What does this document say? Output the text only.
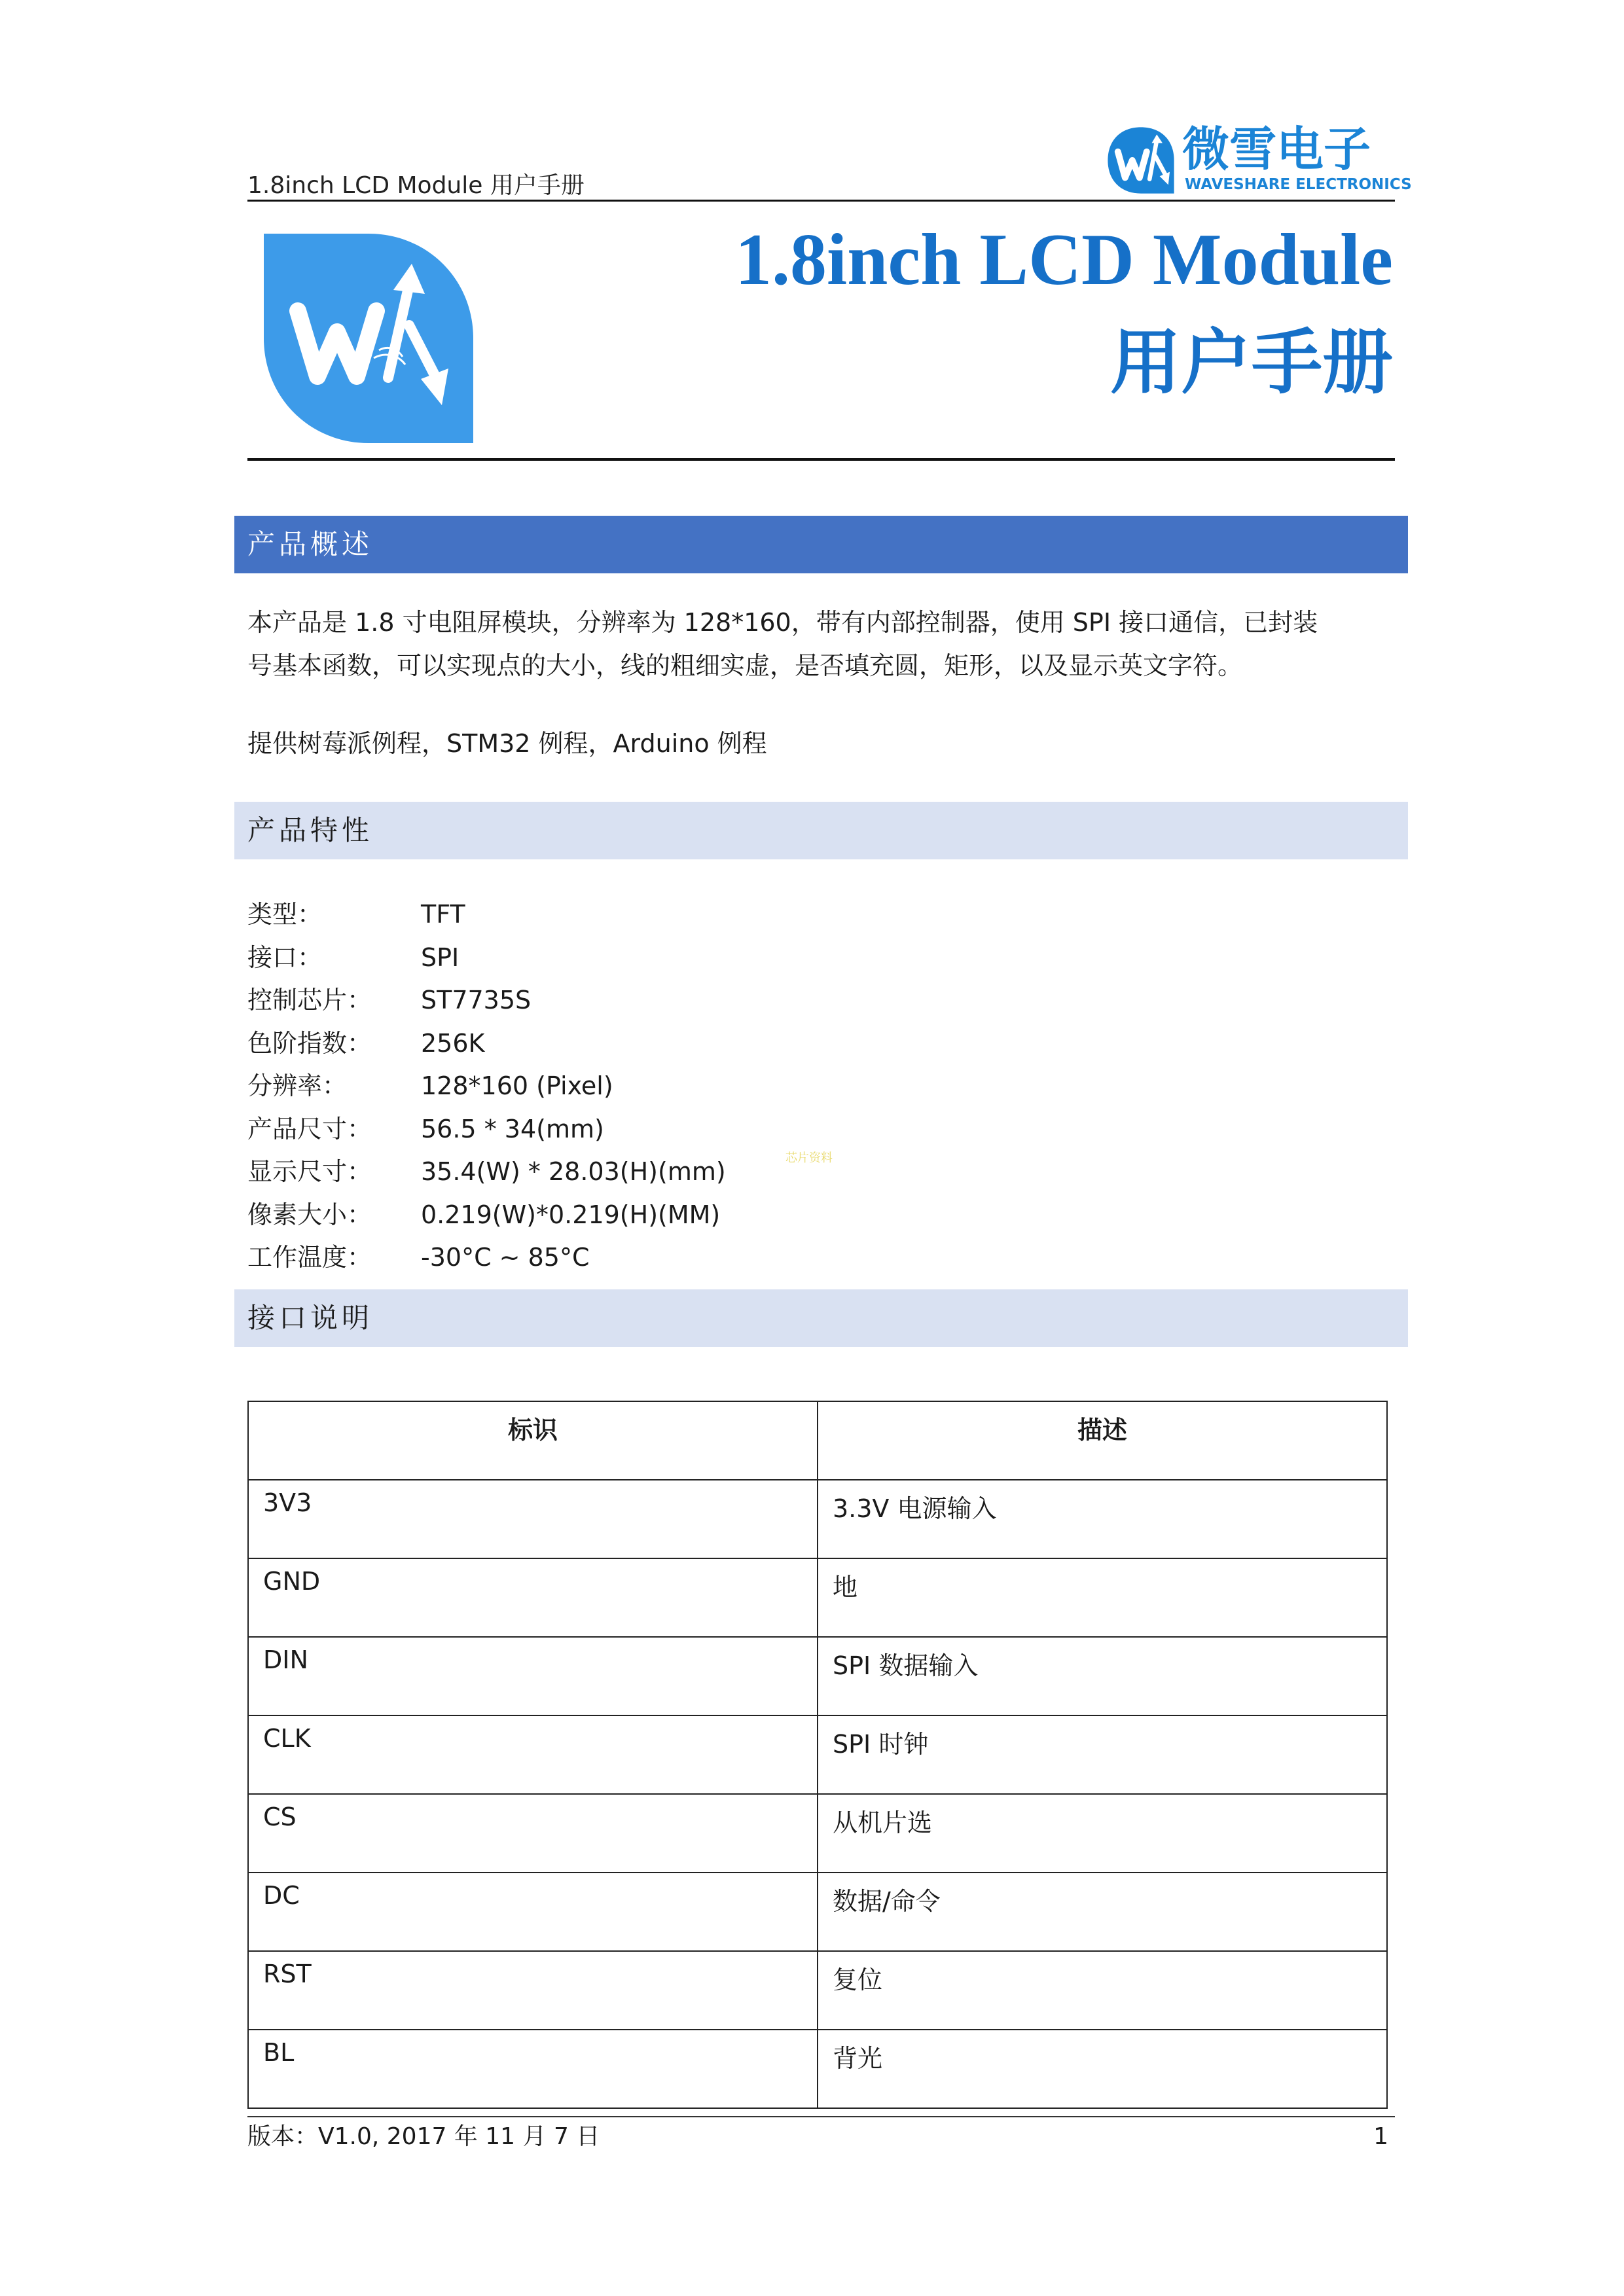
1.8inch LCD Module 用户手册
微雪电子
WAVESHARE ELECTRONICS
1.8inch LCD Module
用户手册
产品概述
本产品是 1.8 寸电阻屏模块，分辨率为 128*160，带有内部控制器，使用 SPI 接口通信，已封装
号基本函数，可以实现点的大小，线的粗细实虚，是否填充圆，矩形，以及显示英文字符。
提供树莓派例程，STM32 例程，Arduino 例程
产品特性
类型：	TFT
接口：	SPI
控制芯片： ST7735S
色阶指数： 256K
分辨率：	128*160 (Pixel)
产品尺寸： 56.5 * 34(mm)
显示尺寸： 35.4(W) * 28.03(H)(mm)
像素大小： 0.219(W)*0.219(H)(MM)
工作温度： -30°C ~ 85°C
芯片资料
接口说明
标识	描述
3V3	3.3V 电源输入
GND	地
DIN	SPI 数据输入
CLK	SPI 时钟
CS	从机片选
DC	数据/命令
RST	复位
BL	背光
版本：V1.0, 2017 年 11 月 7 日	1
